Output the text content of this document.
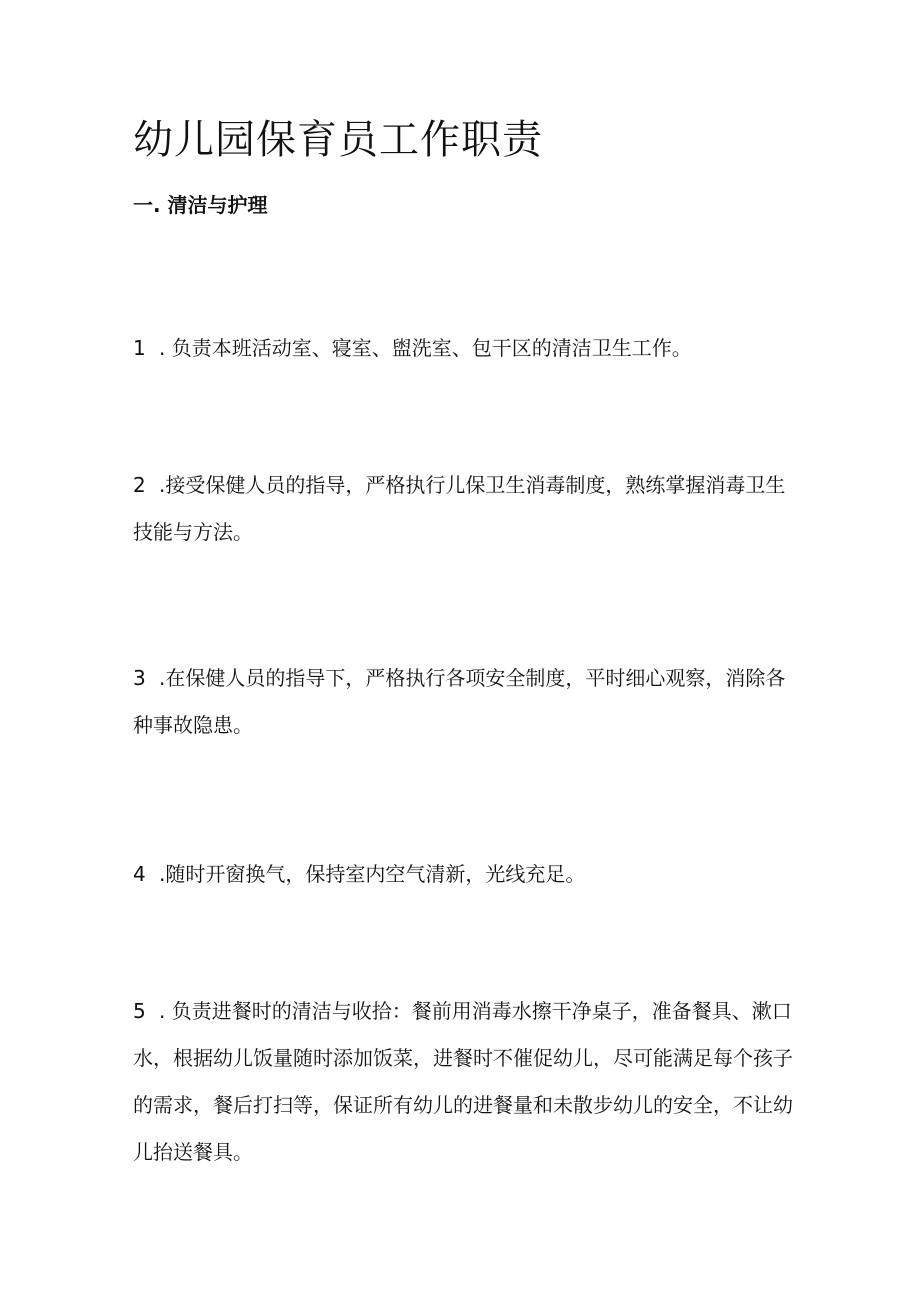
幼儿园保育员工作职责
一. 清洁与护理

1 . 负责本班活动室、寝室、盥洗室、包干区的清洁卫生工作。

2 .接受保健人员的指导，严格执行儿保卫生消毒制度，熟练掌握消毒卫生技能与方法。

3 .在保健人员的指导下，严格执行各项安全制度，平时细心观察，消除各种事故隐患。

4 .随时开窗换气，保持室内空气清新，光线充足。

5 . 负责进餐时的清洁与收拾：餐前用消毒水擦干净桌子，准备餐具、漱口水，根据幼儿饭量随时添加饭菜，进餐时不催促幼儿，尽可能满足每个孩子的需求，餐后打扫等，保证所有幼儿的进餐量和未散步幼儿的安全，不让幼儿抬送餐具。
